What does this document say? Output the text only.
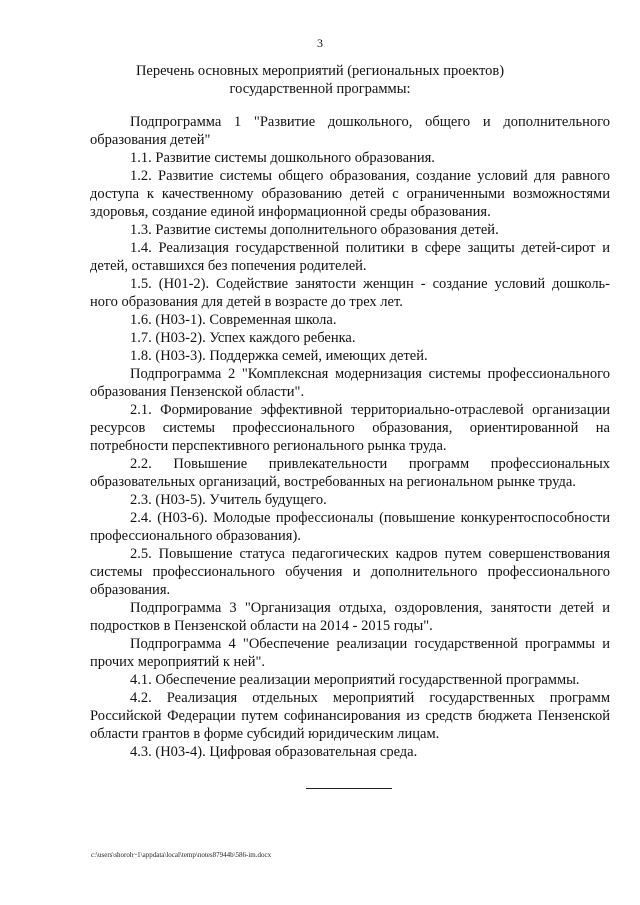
3
Перечень основных мероприятий (региональных проектов)
государственной программы:

Подпрограмма 1 "Развитие дошкольного, общего и дополнительного образования детей"

1.1. Развитие системы дошкольного образования.

1.2. Развитие системы общего образования, создание условий для равного доступа к качественному образованию детей с ограниченными возможностями здоровья, создание единой информационной среды образования.

1.3. Развитие системы дополнительного образования детей.

1.4. Реализация государственной политики в сфере защиты детей-сирот и детей, оставшихся без попечения родителей.

1.5. (Н01-2). Содействие занятости женщин - создание условий дошколь-ного образования для детей в возрасте до трех лет.

1.6. (Н03-1). Современная школа.

1.7. (Н03-2). Успех каждого ребенка.

1.8. (Н03-3). Поддержка семей, имеющих детей.

Подпрограмма 2 "Комплексная модернизация системы профессионального образования Пензенской области".

2.1. Формирование эффективной территориально-отраслевой организации ресурсов системы профессионального образования, ориентированной на потребности перспективного регионального рынка труда.

2.2. Повышение привлекательности программ профессиональных образовательных организаций, востребованных на региональном рынке труда.

2.3. (Н03-5). Учитель будущего.

2.4. (Н03-6). Молодые профессионалы (повышение конкурентоспособности профессионального образования).

2.5. Повышение статуса педагогических кадров путем совершенствования системы профессионального обучения и дополнительного профессионального образования.

Подпрограмма 3 "Организация отдыха, оздоровления, занятости детей и подростков в Пензенской области на 2014 - 2015 годы".

Подпрограмма 4 "Обеспечение реализации государственной программы и прочих мероприятий к ней".

4.1. Обеспечение реализации мероприятий государственной программы.

4.2. Реализация отдельных мероприятий государственных программ Российской Федерации путем софинансирования из средств бюджета Пензенской области грантов в форме субсидий юридическим лицам.

4.3. (Н03-4). Цифровая образовательная среда.

c:\users\shoroh~1\appdata\local\temp\notes87944b\586-im.docx
